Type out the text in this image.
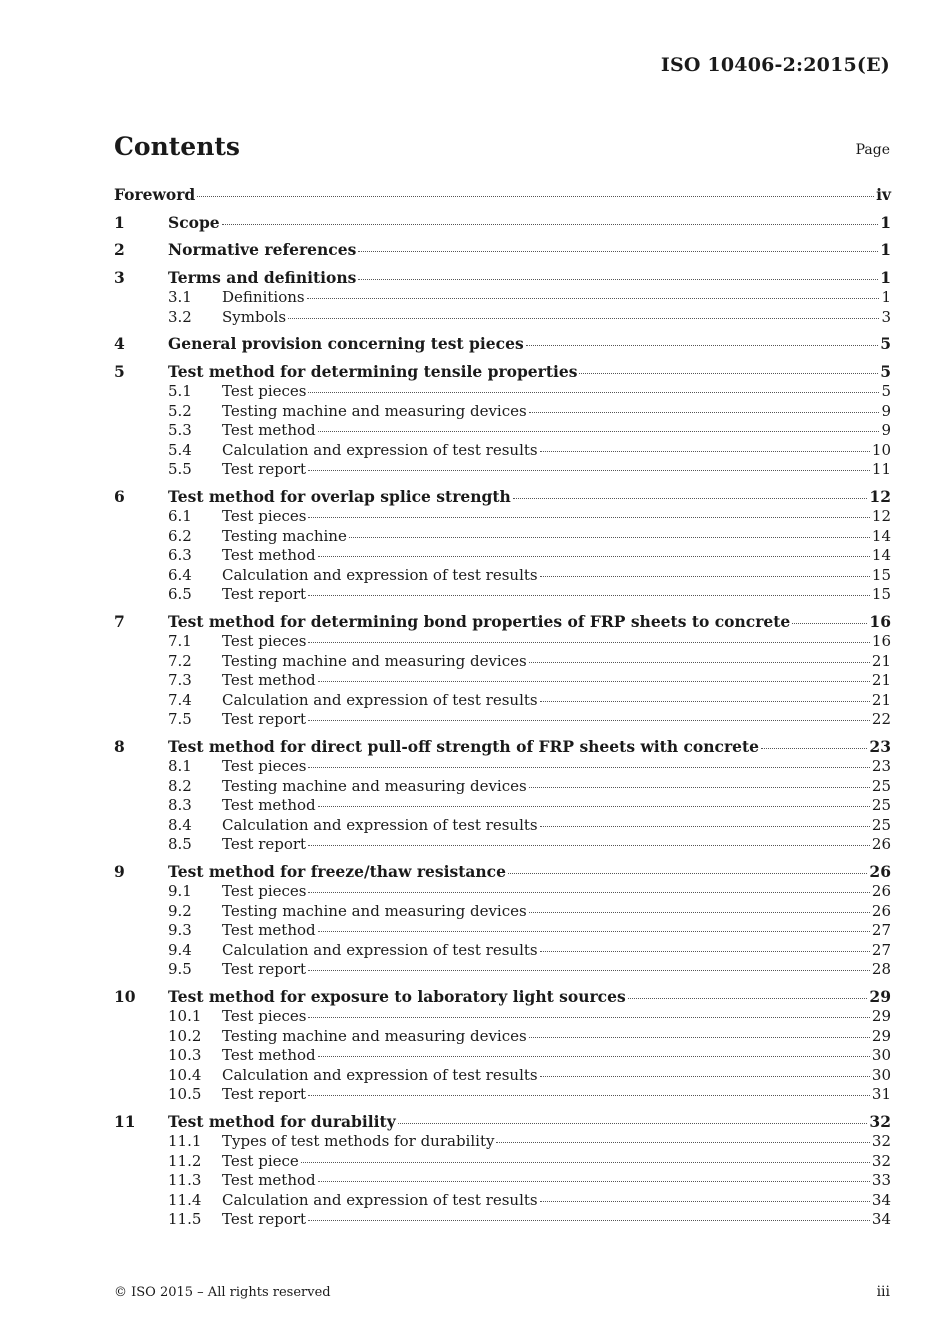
ISO 10406-2:2015(E)
Contents	Page
Foreword	iv
1	Scope	1
2	Normative references	1
3	Terms and definitions	1
3.1	Definitions	1
3.2	Symbols	3
4	General provision concerning test pieces	5
5	Test method for determining tensile properties	5
5.1	Test pieces	5
5.2	Testing machine and measuring devices	9
5.3	Test method	9
5.4	Calculation and expression of test results	10
5.5	Test report	11
6	Test method for overlap splice strength	12
6.1	Test pieces	12
6.2	Testing machine	14
6.3	Test method	14
6.4	Calculation and expression of test results	15
6.5	Test report	15
7	Test method for determining bond properties of FRP sheets to concrete	16
7.1	Test pieces	16
7.2	Testing machine and measuring devices	21
7.3	Test method	21
7.4	Calculation and expression of test results	21
7.5	Test report	22
8	Test method for direct pull-off strength of FRP sheets with concrete	23
8.1	Test pieces	23
8.2	Testing machine and measuring devices	25
8.3	Test method	25
8.4	Calculation and expression of test results	25
8.5	Test report	26
9	Test method for freeze/thaw resistance	26
9.1	Test pieces	26
9.2	Testing machine and measuring devices	26
9.3	Test method	27
9.4	Calculation and expression of test results	27
9.5	Test report	28
10	Test method for exposure to laboratory light sources	29
10.1	Test pieces	29
10.2	Testing machine and measuring devices	29
10.3	Test method	30
10.4	Calculation and expression of test results	30
10.5	Test report	31
11	Test method for durability	32
11.1	Types of test methods for durability	32
11.2	Test piece	32
11.3	Test method	33
11.4	Calculation and expression of test results	34
11.5	Test report	34
© ISO 2015 – All rights reserved	iii
